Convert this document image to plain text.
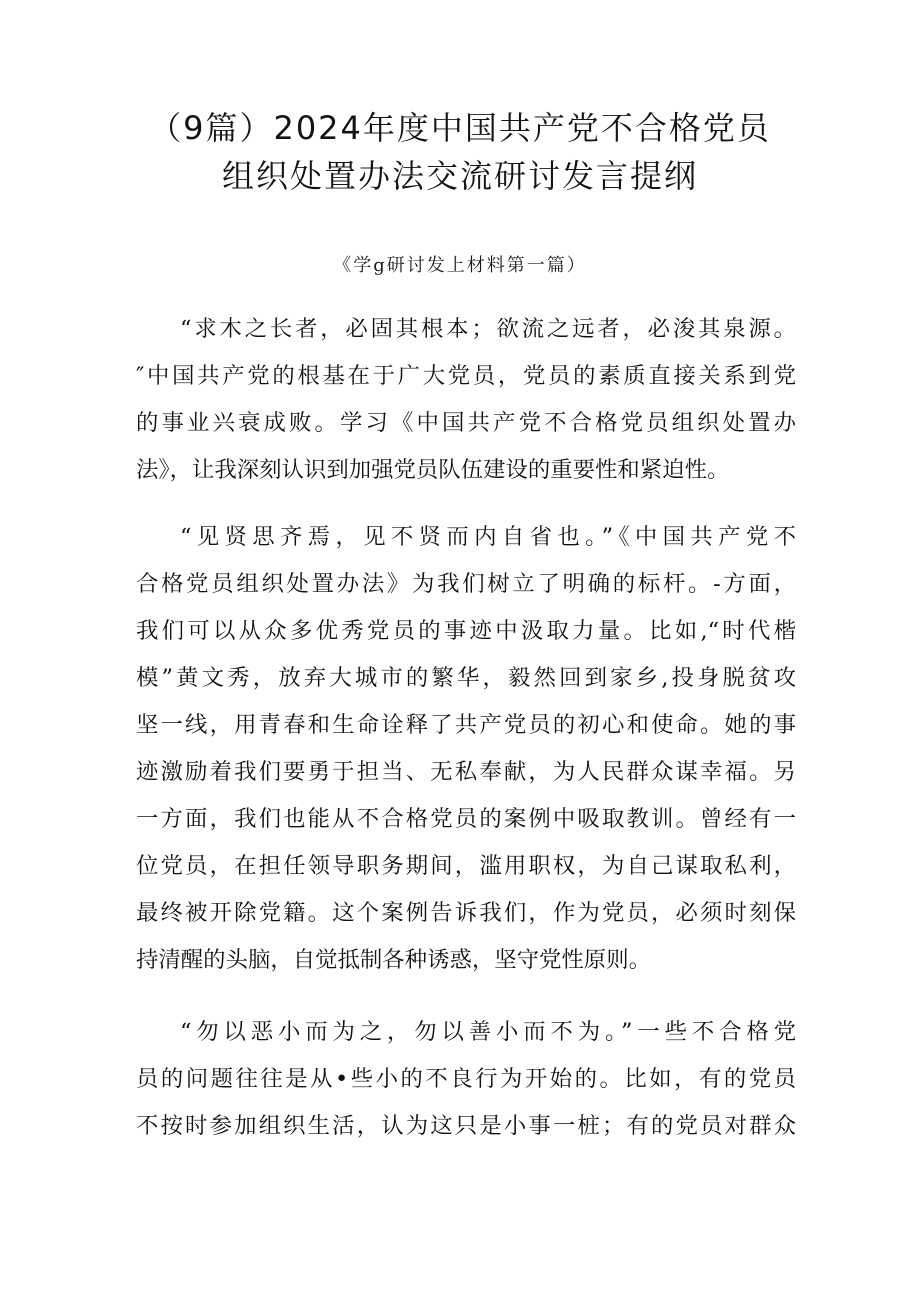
（9篇）2024年度中国共产党不合格党员
组织处置办法交流研讨发言提纲
《学g研讨发上材料第一篇）
“求木之长者，必固其根本；欲流之远者，必浚其泉源。
″中国共产党的根基在于广大党员，党员的素质直接关系到党
的事业兴衰成败。学习《中国共产党不合格党员组织处置办
法》，让我深刻认识到加强党员队伍建设的重要性和紧迫性。
“见贤思齐焉，见不贤而内自省也。”《中国共产党不
合格党员组织处置办法》为我们树立了明确的标杆。-方面，
我们可以从众多优秀党员的事迹中汲取力量。比如,“时代楷
模”黄文秀，放弃大城市的繁华，毅然回到家乡,投身脱贫攻
坚一线，用青春和生命诠释了共产党员的初心和使命。她的事
迹激励着我们要勇于担当、无私奉献，为人民群众谋幸福。另
一方面，我们也能从不合格党员的案例中吸取教训。曾经有一
位党员，在担任领导职务期间，滥用职权，为自己谋取私利，
最终被开除党籍。这个案例告诉我们，作为党员，必须时刻保
持清醒的头脑，自觉抵制各种诱惑，坚守党性原则。
“勿以恶小而为之，勿以善小而不为。”一些不合格党
员的问题往往是从•些小的不良行为开始的。比如，有的党员
不按时参加组织生活，认为这只是小事一桩；有的党员对群众
